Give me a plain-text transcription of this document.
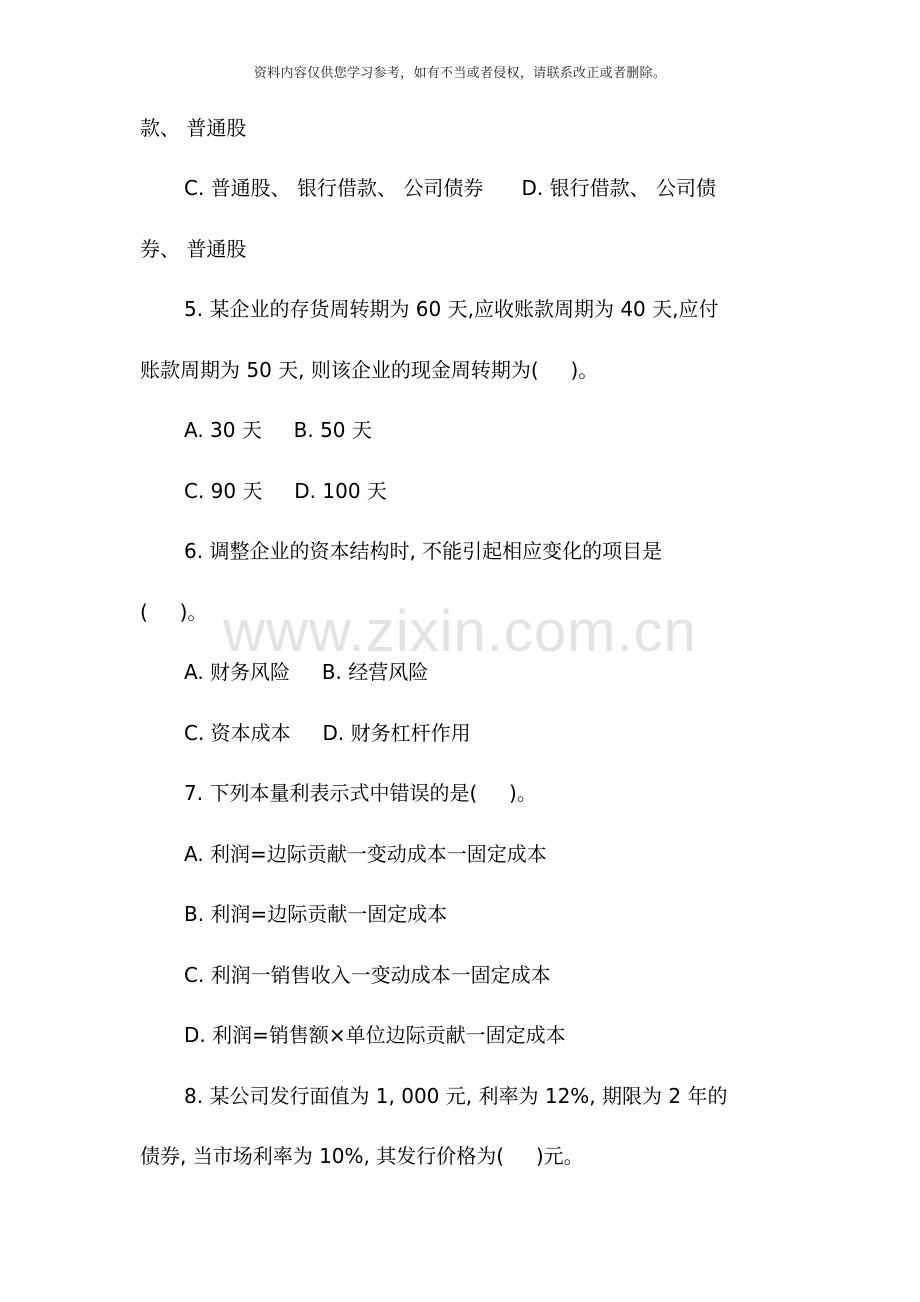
资料内容仅供您学习参考，如有不当或者侵权，请联系改正或者删除。
www.zixin.com.cn
款、 普通股
C. 普通股、 银行借款、 公司债券      D. 银行借款、 公司债
券、 普通股
5. 某企业的存货周转期为 60 天,应收账款周期为 40 天,应付
账款周期为 50 天, 则该企业的现金周转期为(     )。
A. 30 天     B. 50 天
C. 90 天     D. 100 天
6. 调整企业的资本结构时, 不能引起相应变化的项目是
(     )。
A. 财务风险     B. 经营风险
C. 资本成本     D. 财务杠杆作用
7. 下列本量利表示式中错误的是(     )。
A. 利润=边际贡献一变动成本一固定成本
B. 利润=边际贡献一固定成本
C. 利润一销售收入一变动成本一固定成本
D. 利润=销售额×单位边际贡献一固定成本
8. 某公司发行面值为 1, 000 元, 利率为 12%, 期限为 2 年的
债券, 当市场利率为 10%, 其发行价格为(     )元。
